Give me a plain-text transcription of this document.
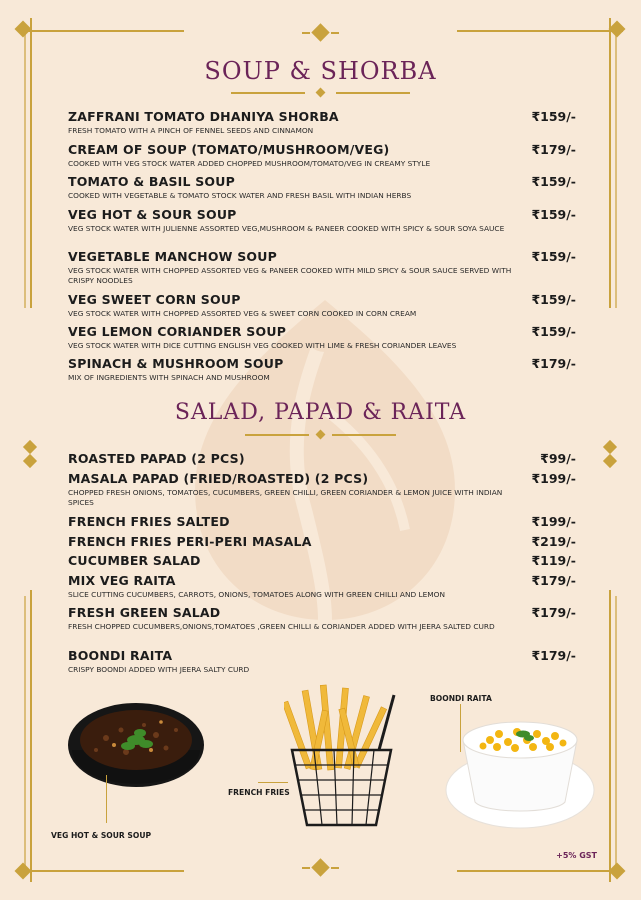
SOUP & SHORBA
ZAFFRANI TOMATO DHANIYA SHORBA	₹159/-
FRESH TOMATO WITH A PINCH OF FENNEL SEEDS AND CINNAMON
CREAM OF SOUP (TOMATO/MUSHROOM/VEG)	₹179/-
COOKED WITH VEG STOCK WATER ADDED CHOPPED MUSHROOM/TOMATO/VEG IN CREAMY STYLE
TOMATO & BASIL SOUP	₹159/-
COOKED WITH VEGETABLE & TOMATO STOCK WATER AND FRESH BASIL WITH INDIAN HERBS
VEG HOT & SOUR SOUP	₹159/-
VEG STOCK WATER WITH JULIENNE ASSORTED VEG,MUSHROOM & PANEER COOKED WITH SPICY & SOUR SOYA SAUCE
VEGETABLE MANCHOW SOUP	₹159/-
VEG STOCK WATER WITH CHOPPED ASSORTED VEG & PANEER COOKED WITH MILD SPICY & SOUR SAUCE SERVED WITH CRISPY NOODLES
VEG SWEET CORN SOUP	₹159/-
VEG STOCK WATER WITH CHOPPED ASSORTED VEG & SWEET CORN COOKED IN CORN CREAM
VEG LEMON CORIANDER SOUP	₹159/-
VEG STOCK WATER WITH DICE CUTTING ENGLISH VEG COOKED WITH LIME & FRESH CORIANDER LEAVES
SPINACH & MUSHROOM SOUP	₹179/-
MIX OF INGREDIENTS WITH SPINACH AND MUSHROOM
SALAD, PAPAD & RAITA
ROASTED PAPAD (2 PCS)	₹99/-
MASALA PAPAD (FRIED/ROASTED) (2 PCS)	₹199/-
CHOPPED FRESH ONIONS, TOMATOES, CUCUMBERS, GREEN CHILLI, GREEN CORIANDER & LEMON JUICE WITH INDIAN SPICES
FRENCH FRIES SALTED	₹199/-
FRENCH FRIES PERI-PERI MASALA	₹219/-
CUCUMBER SALAD	₹119/-
MIX VEG RAITA	₹179/-
SLICE CUTTING CUCUMBERS, CARROTS, ONIONS, TOMATOES ALONG WITH GREEN CHILLI AND LEMON
FRESH GREEN SALAD	₹179/-
FRESH CHOPPED CUCUMBERS,ONIONS,TOMATOES ,GREEN CHILLI & CORIANDER ADDED WITH JEERA SALTED CURD
BOONDI RAITA	₹179/-
CRISPY BOONDI ADDED WITH JEERA SALTY CURD
VEG HOT & SOUR SOUP
FRENCH FRIES
BOONDI RAITA
+5% GST
